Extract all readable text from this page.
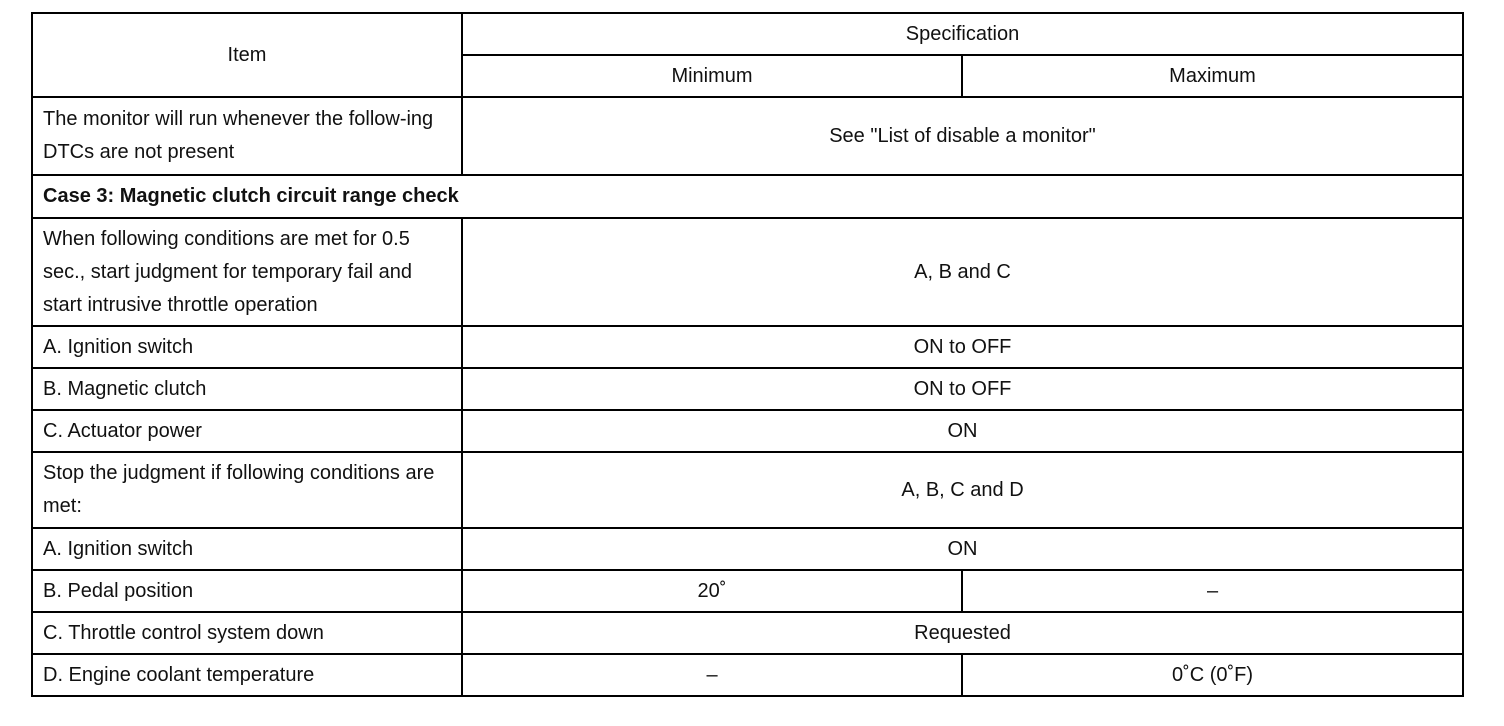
Item	Specification	
	Minimum	Maximum
The monitor will run whenever the follow-ing DTCs are not present	See "List of disable a monitor"	
Case 3: Magnetic clutch circuit range check		
When following conditions are met for 0.5 sec., start judgment for temporary fail and start intrusive throttle operation	A, B and C	
A. Ignition switch	ON to OFF	
B. Magnetic clutch	ON to OFF	
C. Actuator power	ON	
Stop the judgment if following conditions are met:	A, B, C and D	
A. Ignition switch	ON	
B. Pedal position	20˚	–
C. Throttle control system down	Requested	
D. Engine coolant temperature	–	0˚C (0˚F)
